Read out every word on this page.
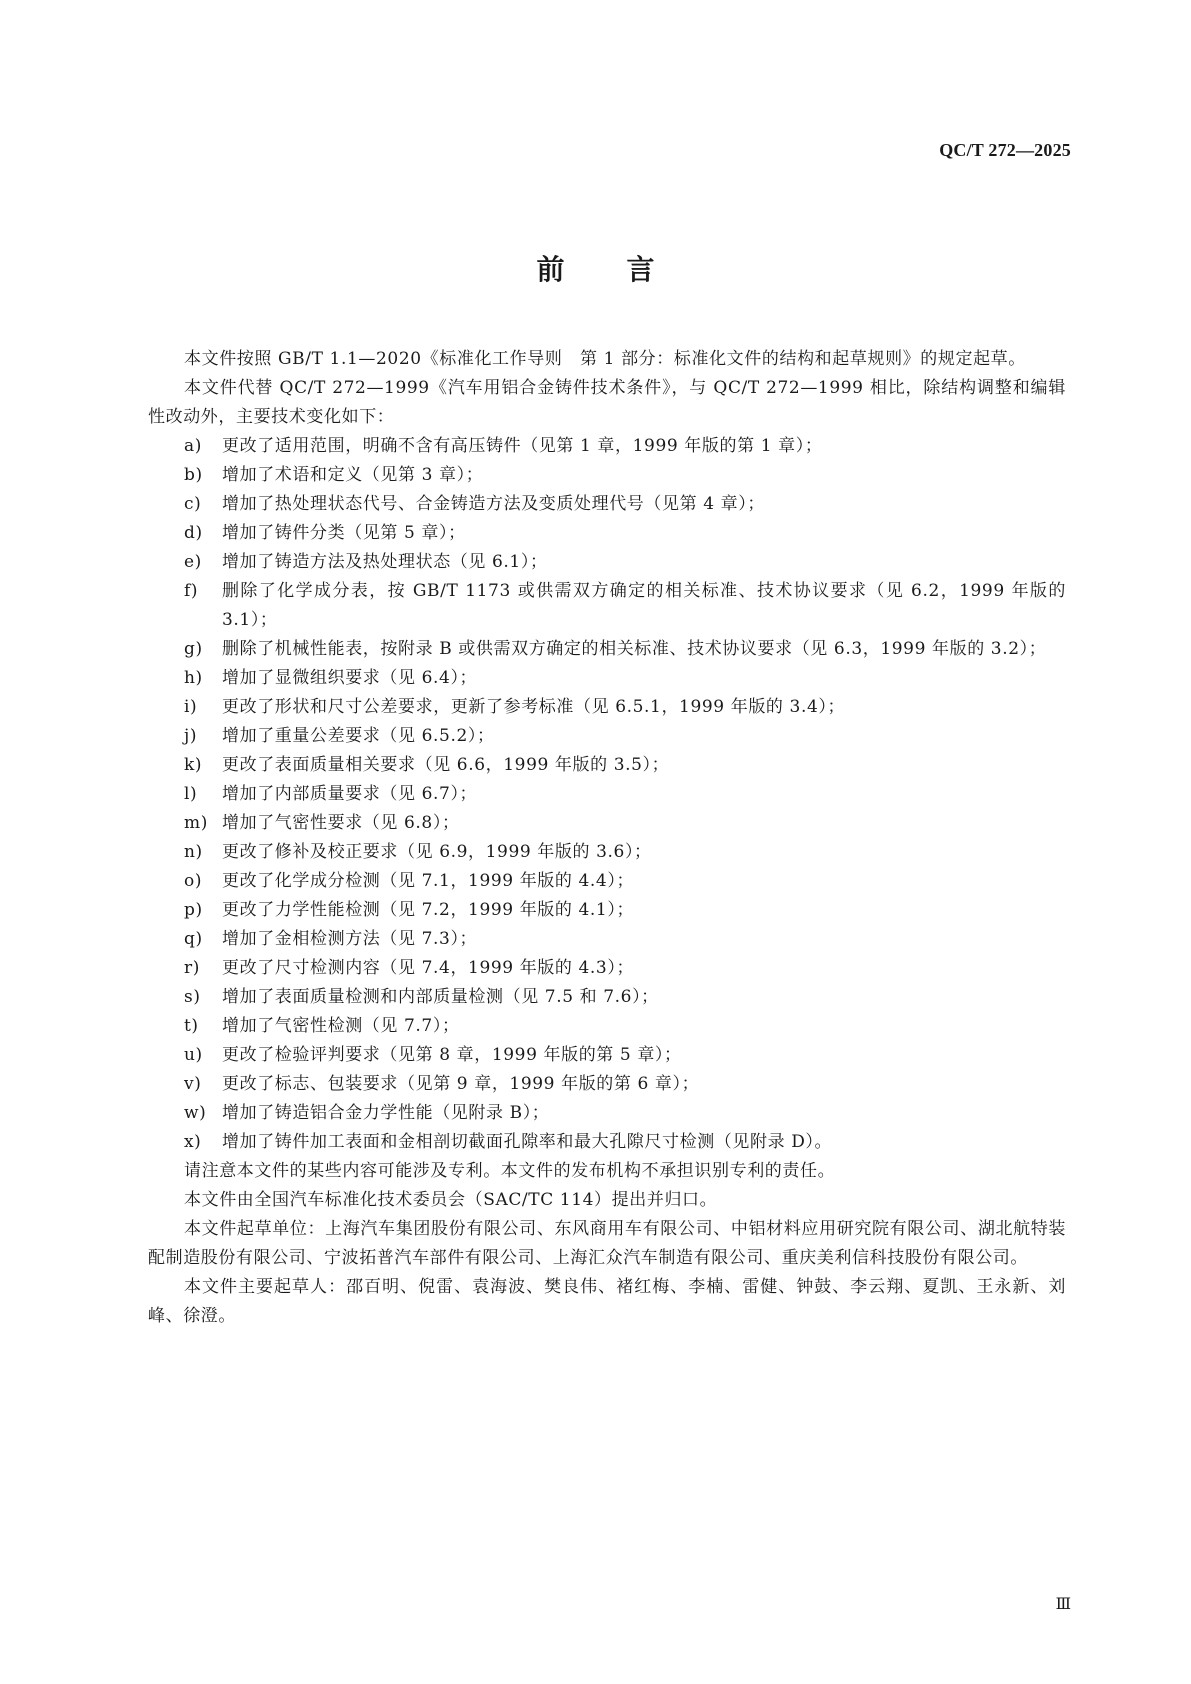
QC/T 272—2025
前言

本文件按照 GB/T 1.1—2020《标准化工作导则　第 1 部分：标准化文件的结构和起草规则》的规定起草。

本文件代替 QC/T 272—1999《汽车用铝合金铸件技术条件》，与 QC/T 272—1999 相比，除结构调整和编辑性改动外，主要技术变化如下：

a)	更改了适用范围，明确不含有高压铸件（见第 1 章，1999 年版的第 1 章）；
b)	增加了术语和定义（见第 3 章）；
c)	增加了热处理状态代号、合金铸造方法及变质处理代号（见第 4 章）；
d)	增加了铸件分类（见第 5 章）；
e)	增加了铸造方法及热处理状态（见 6.1）；
f)	删除了化学成分表，按 GB/T 1173 或供需双方确定的相关标准、技术协议要求（见 6.2，1999 年版的 3.1）；
g)	删除了机械性能表，按附录 B 或供需双方确定的相关标准、技术协议要求（见 6.3，1999 年版的 3.2）；
h)	增加了显微组织要求（见 6.4）；
i)	更改了形状和尺寸公差要求，更新了参考标准（见 6.5.1，1999 年版的 3.4）；
j)	增加了重量公差要求（见 6.5.2）；
k)	更改了表面质量相关要求（见 6.6，1999 年版的 3.5）；
l)	增加了内部质量要求（见 6.7）；
m) 增加了气密性要求（见 6.8）；
n)	更改了修补及校正要求（见 6.9，1999 年版的 3.6）；
o)	更改了化学成分检测（见 7.1，1999 年版的 4.4）；
p)	更改了力学性能检测（见 7.2，1999 年版的 4.1）；
q)	增加了金相检测方法（见 7.3）；
r)	更改了尺寸检测内容（见 7.4，1999 年版的 4.3）；
s)	增加了表面质量检测和内部质量检测（见 7.5 和 7.6）；
t)	增加了气密性检测（见 7.7）；
u)	更改了检验评判要求（见第 8 章，1999 年版的第 5 章）；
v)	更改了标志、包装要求（见第 9 章，1999 年版的第 6 章）；
w) 增加了铸造铝合金力学性能（见附录 B）；
x)	增加了铸件加工表面和金相剖切截面孔隙率和最大孔隙尺寸检测（见附录 D）。

请注意本文件的某些内容可能涉及专利。本文件的发布机构不承担识别专利的责任。

本文件由全国汽车标准化技术委员会（SAC/TC 114）提出并归口。

本文件起草单位：上海汽车集团股份有限公司、东风商用车有限公司、中铝材料应用研究院有限公司、湖北航特装配制造股份有限公司、宁波拓普汽车部件有限公司、上海汇众汽车制造有限公司、重庆美利信科技股份有限公司。

本文件主要起草人：邵百明、倪雷、袁海波、樊良伟、褚红梅、李楠、雷健、钟鼓、李云翔、夏凯、王永新、刘峰、徐澄。

Ⅲ
